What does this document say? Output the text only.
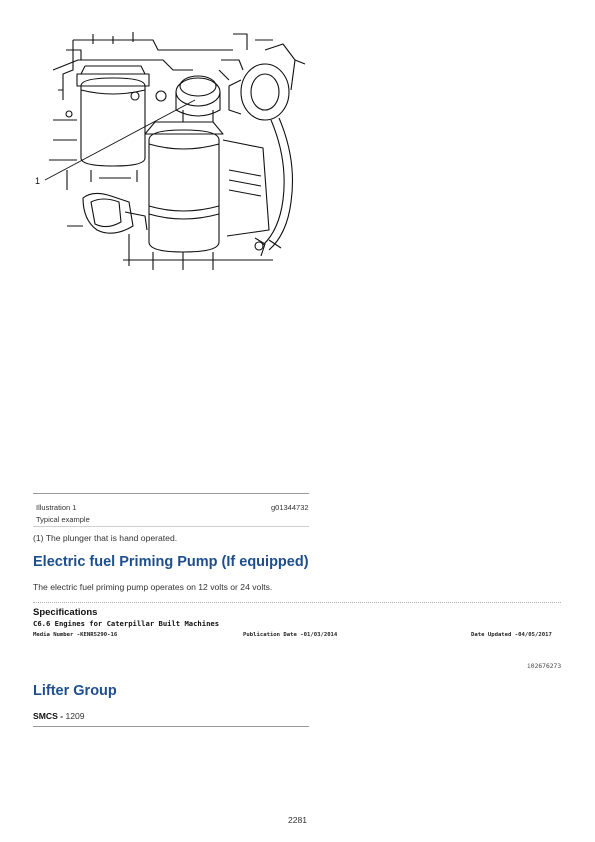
1
Illustration 1	g01344732
Typical example
(1) The plunger that is hand operated.
Electric fuel Priming Pump (If equipped)
The electric fuel priming pump operates on 12 volts or 24 volts.
Specifications
C6.6 Engines for Caterpillar Built Machines
Media Number -KENR5290-16	Publication Date -01/03/2014	Date Updated -04/05/2017
i02676273
Lifter Group
SMCS - 1209
2281
